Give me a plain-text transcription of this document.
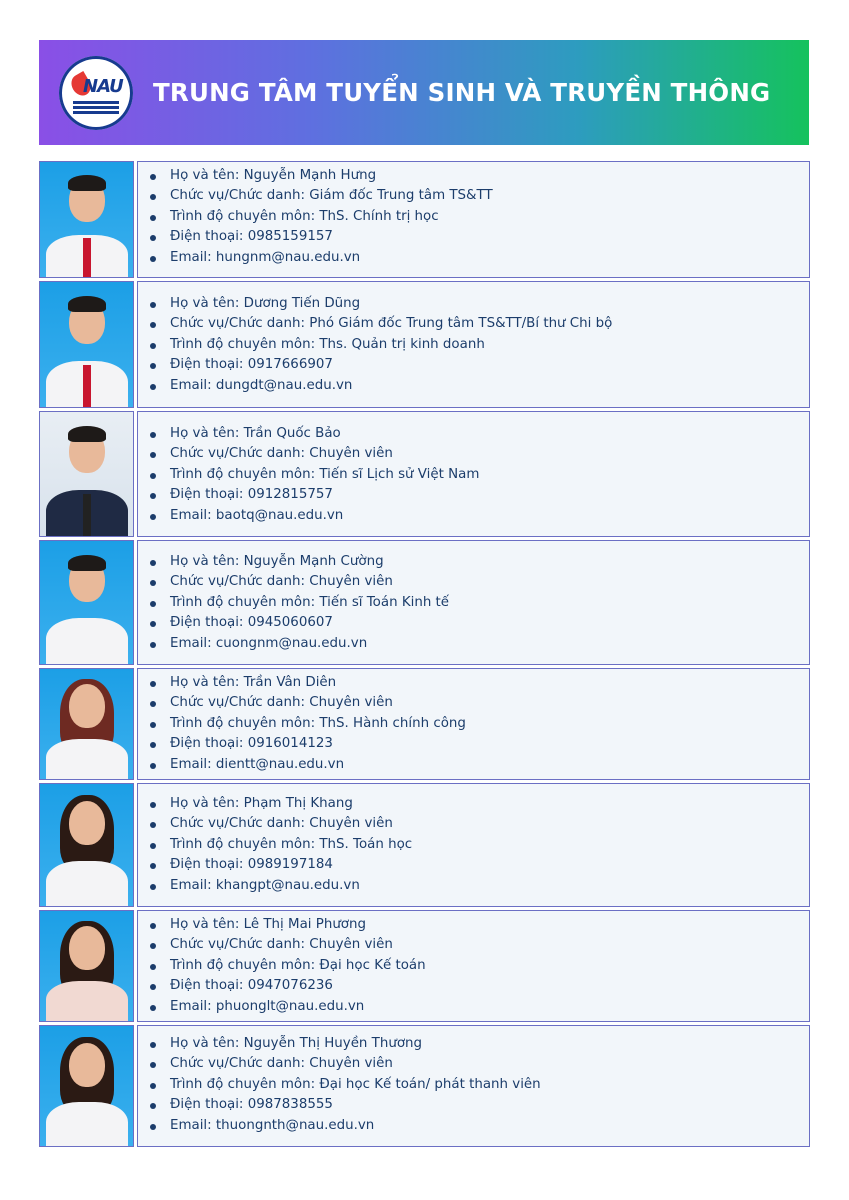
NAU TRUNG TÂM TUYỂN SINH VÀ TRUYỀN THÔNG
Họ và tên: Nguyễn Mạnh Hưng
Chức vụ/Chức danh: Giám đốc Trung tâm TS&TT
Trình độ chuyên môn: ThS. Chính trị học
Điện thoại: 0985159157
Email: hungnm@nau.edu.vn
Họ và tên: Dương Tiến Dũng
Chức vụ/Chức danh: Phó Giám đốc Trung tâm TS&TT/Bí thư Chi bộ
Trình độ chuyên môn: Ths. Quản trị kinh doanh
Điện thoại: 0917666907
Email: dungdt@nau.edu.vn
Họ và tên: Trần Quốc Bảo
Chức vụ/Chức danh: Chuyên viên
Trình độ chuyên môn: Tiến sĩ Lịch sử Việt Nam
Điện thoại: 0912815757
Email: baotq@nau.edu.vn
Họ và tên: Nguyễn Mạnh Cường
Chức vụ/Chức danh: Chuyên viên
Trình độ chuyên môn: Tiến sĩ Toán Kinh tế
Điện thoại: 0945060607
Email: cuongnm@nau.edu.vn
Họ và tên: Trần Vân Diên
Chức vụ/Chức danh: Chuyên viên
Trình độ chuyên môn: ThS. Hành chính công
Điện thoại: 0916014123
Email: dientt@nau.edu.vn
Họ và tên: Phạm Thị Khang
Chức vụ/Chức danh: Chuyên viên
Trình độ chuyên môn: ThS. Toán học
Điện thoại: 0989197184
Email: khangpt@nau.edu.vn
Họ và tên: Lê Thị Mai Phương
Chức vụ/Chức danh: Chuyên viên
Trình độ chuyên môn: Đại học Kế toán
Điện thoại: 0947076236
Email: phuonglt@nau.edu.vn
Họ và tên: Nguyễn Thị Huyền Thương
Chức vụ/Chức danh: Chuyên viên
Trình độ chuyên môn: Đại học Kế toán/ phát thanh viên
Điện thoại: 0987838555
Email: thuongnth@nau.edu.vn
